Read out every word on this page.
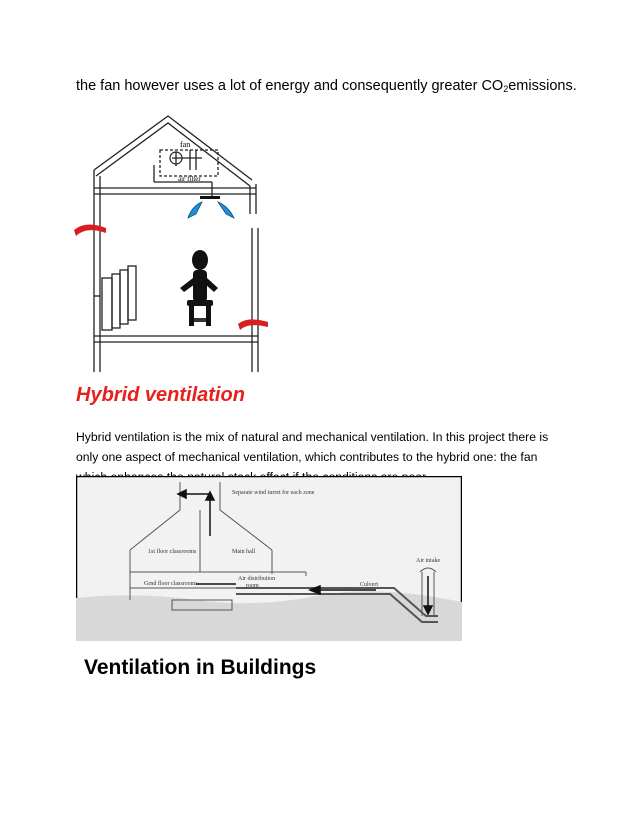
the fan however uses a lot of energy and consequently greater $CO_2emissions$.

fan
air filter
Hybrid ventilation

Hybrid ventilation is the mix of natural and mechanical ventilation. In this project there is only one aspect of mechanical ventilation, which contributes to the hybrid one: the fan

Separate wind turret for each zone
1st floor classrooms	Main hall
Grnd floor classrooms
Air distribution
room	Culvert
Air intake
Ventilation in Buildings
